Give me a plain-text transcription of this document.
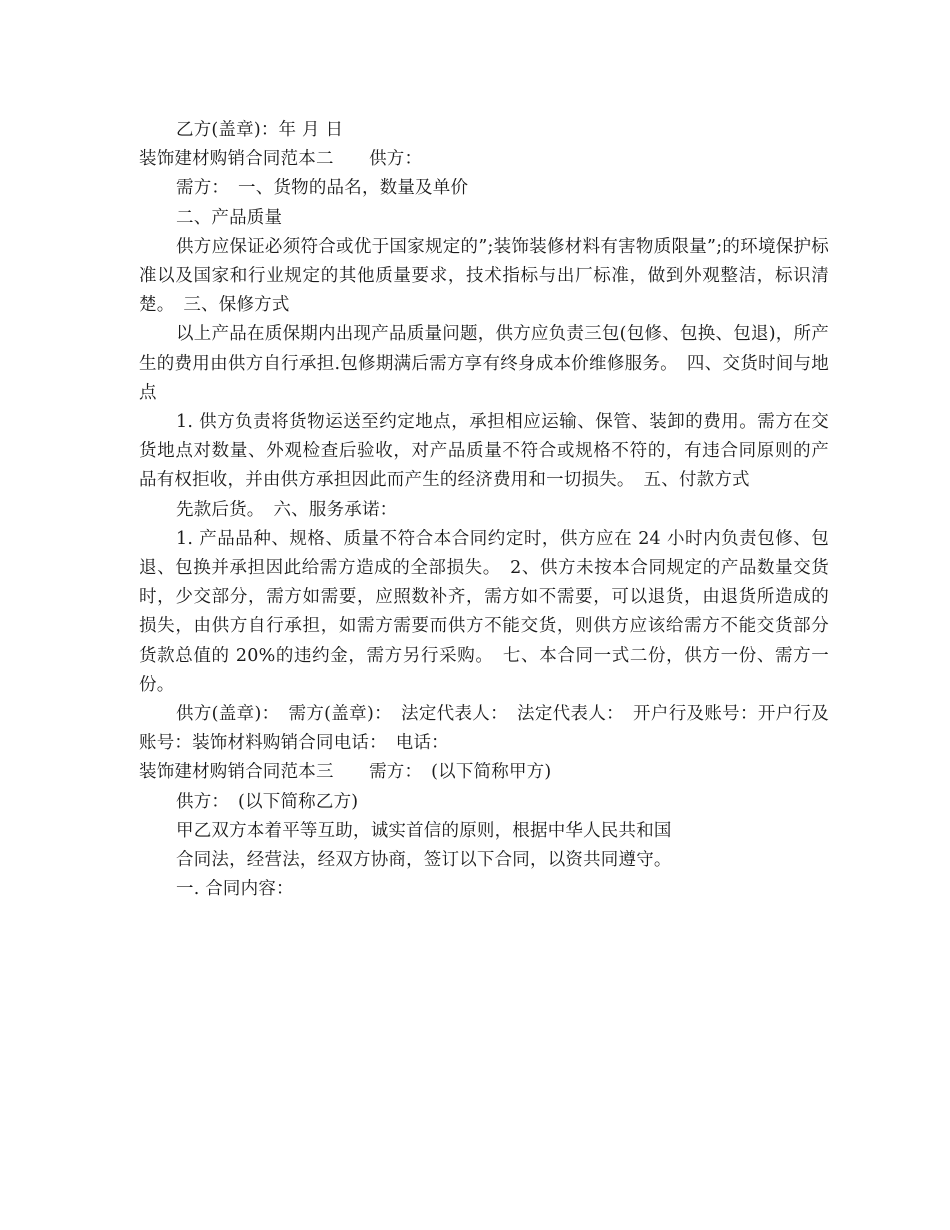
乙方(盖章)：年 月 日

装饰建材购销合同范本二　　供方：

需方：　一、货物的品名，数量及单价

二、产品质量

供方应保证必须符合或优于国家规定的”;装饰装修材料有害物质限量”;的环境保护标准以及国家和行业规定的其他质量要求，技术指标与出厂标准，做到外观整洁，标识清楚。　三、保修方式

以上产品在质保期内出现产品质量问题，供方应负责三包(包修、包换、包退)，所产生的费用由供方自行承担.包修期满后需方享有终身成本价维修服务。　四、交货时间与地点

1. 供方负责将货物运送至约定地点，承担相应运输、保管、装卸的费用。需方在交货地点对数量、外观检查后验收，对产品质量不符合或规格不符的，有违合同原则的产品有权拒收，并由供方承担因此而产生的经济费用和一切损失。　五、付款方式

先款后货。　六、服务承诺：

1. 产品品种、规格、质量不符合本合同约定时，供方应在 24 小时内负责包修、包退、包换并承担因此给需方造成的全部损失。　2、供方未按本合同规定的产品数量交货时，少交部分，需方如需要，应照数补齐，需方如不需要，可以退货，由退货所造成的损失，由供方自行承担，如需方需要而供方不能交货，则供方应该给需方不能交货部分货款总值的 20%的违约金，需方另行采购。　七、本合同一式二份，供方一份、需方一份。

供方(盖章)：　需方(盖章)：　法定代表人：　法定代表人：　开户行及账号：开户行及账号：装饰材料购销合同电话：　电话：

装饰建材购销合同范本三　　需方：　(以下简称甲方)

供方：　(以下简称乙方)

甲乙双方本着平等互助，诚实首信的原则，根据中华人民共和国

合同法，经营法，经双方协商，签订以下合同，以资共同遵守。

一. 合同内容：
